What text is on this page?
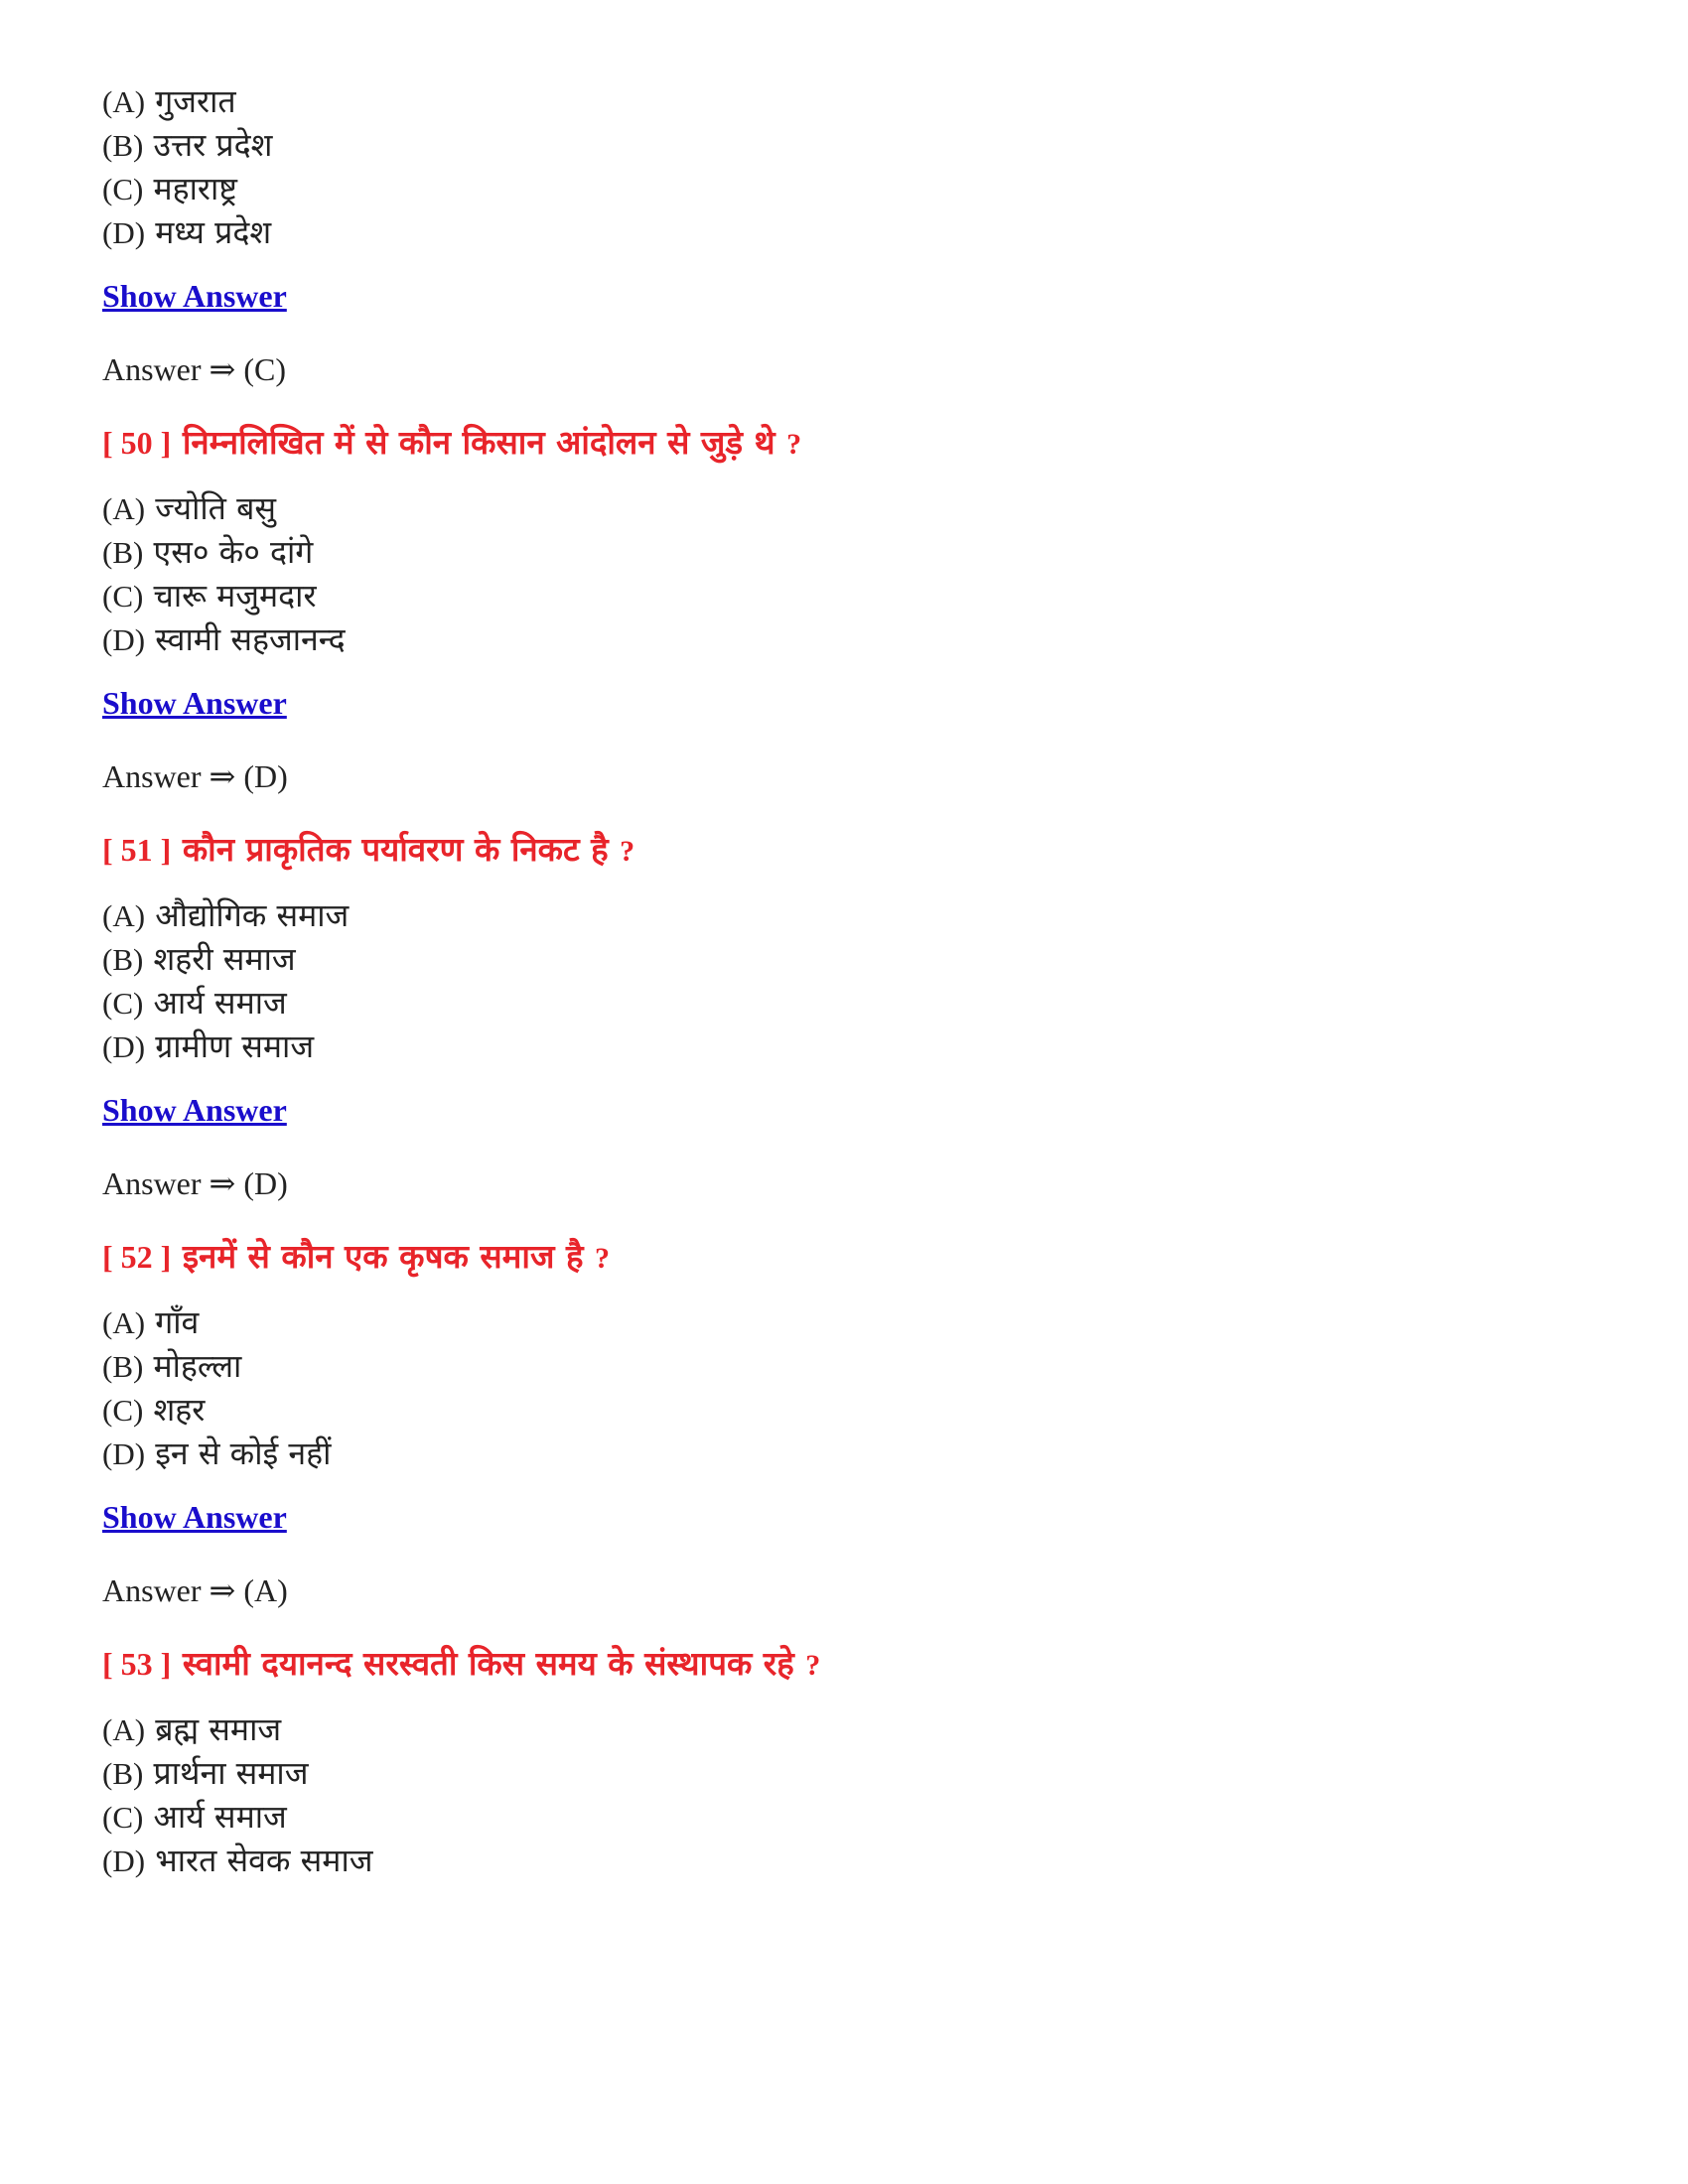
(A) गुजरात
(B) उत्तर प्रदेश
(C) महाराष्ट्र
(D) मध्य प्रदेश
Show Answer
Answer ⇒ (C)
[ 50 ] निम्नलिखित में से कौन किसान आंदोलन से जुड़े थे ?
(A) ज्योति बसु
(B) एस० के० दांगे
(C) चारू मजुमदार
(D) स्वामी सहजानन्द
Show Answer
Answer ⇒ (D)
[ 51 ] कौन प्राकृतिक पर्यावरण के निकट है ?
(A) औद्योगिक समाज
(B) शहरी समाज
(C) आर्य समाज
(D) ग्रामीण समाज
Show Answer
Answer ⇒ (D)
[ 52 ] इनमें से कौन एक कृषक समाज है ?
(A) गाँव
(B) मोहल्ला
(C) शहर
(D) इन से कोई नहीं
Show Answer
Answer ⇒ (A)
[ 53 ] स्वामी दयानन्द सरस्वती किस समय के संस्थापक रहे ?
(A) ब्रह्म समाज
(B) प्रार्थना समाज
(C) आर्य समाज
(D) भारत सेवक समाज
